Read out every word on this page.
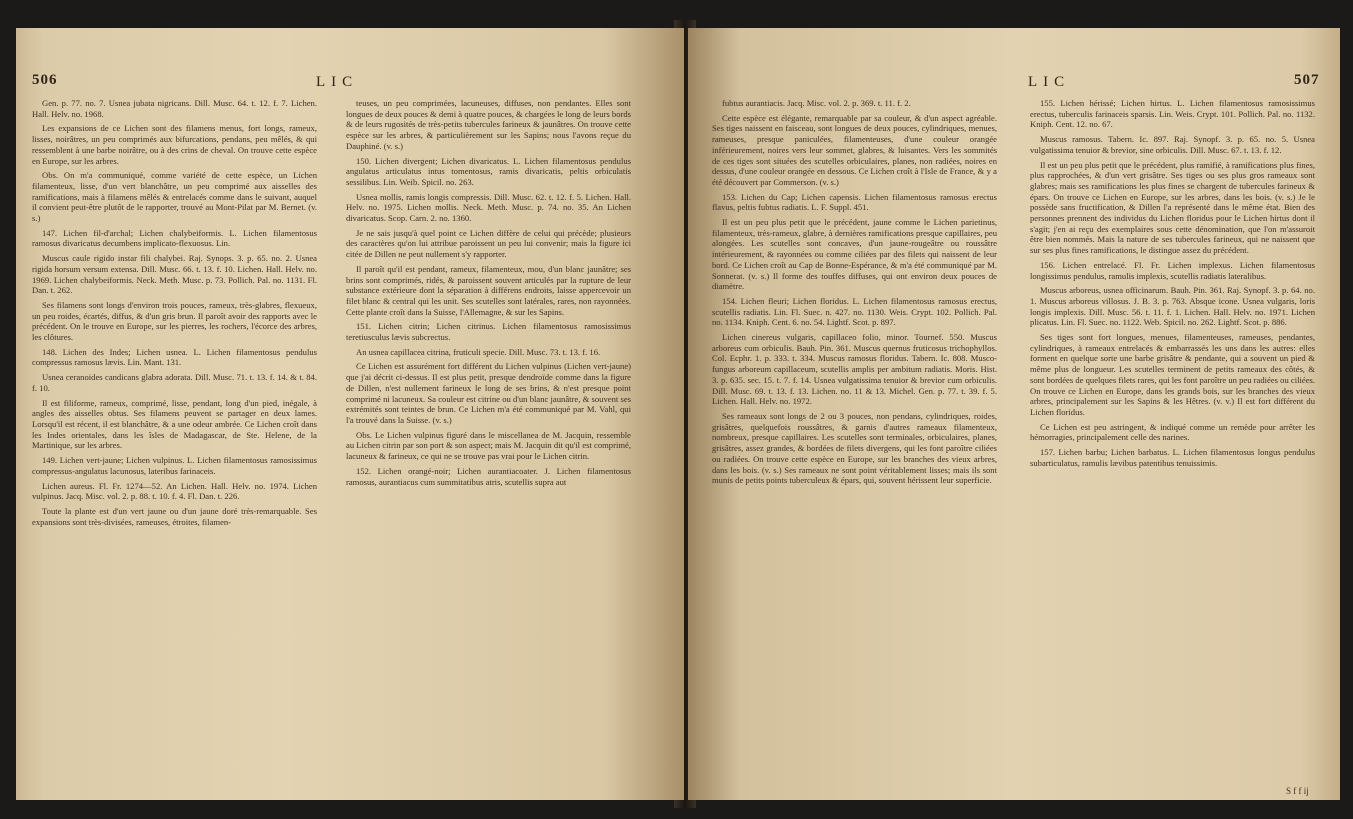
506	LIC

Gen. p. 77. no. 7. Usnea jubata nigricans. Dill. Musc. 64. t. 12. f. 7. Lichen. Hall. Helv. no. 1968.

Les expansions de ce Lichen sont des filamens menus, fort longs, rameux, lisses, noirâtres, un peu comprimés aux bifurcations, pendans, peu mêlés, & qui ressemblent à une barbe noirâtre, ou à des crins de cheval. On trouve cette espèce en Europe, sur les arbres.

Obs. On m'a communiqué, comme variété de cette espèce, un Lichen filamenteux, lisse, d'un vert blanchâtre, un peu comprimé aux aisselles des ramifications, mais à filamens mêlés & entrelacés comme dans le suivant, auquel il convient peut-être plutôt de le rapporter, trouvé au Mont-Pilat par M. Bernet. (v. s.)

147. Lichen fil-d'archal; Lichen chalybeiformis. L. Lichen filamentosus ramosus divaricatus decumbens implicato-flexuosus. Lin.

Muscus caule rigido instar fili chalybei. Raj. Synops. 3. p. 65. no. 2. Usnea rigida horsum versum extensa. Dill. Musc. 66. t. 13. f. 10. Lichen. Hall. Helv. no. 1969. Lichen chalybeiformis. Neck. Meth. Musc. p. 73. Pollich. Pal. no. 1131. Fl. Dan. t. 262.

Ses filamens sont longs d'environ trois pouces, rameux, très-glabres, flexueux, un peu roides, écartés, diffus, & d'un gris brun. Il paroît avoir des rapports avec le précédent. On le trouve en Europe, sur les pierres, les rochers, l'écorce des arbres, les clôtures.

148. Lichen des Indes; Lichen usnea. L. Lichen filamentosus pendulus compressus ramosus lævis. Lin. Mant. 131.

Usnea ceranoides candicans glabra adorata. Dill. Musc. 71. t. 13. f. 14. & t. 84. f. 10.

Il est filiforme, rameux, comprimé, lisse, pendant, long d'un pied, inégale, à angles des aisselles obtus. Ses filamens peuvent se partager en deux lames. Lorsqu'il est récent, il est blanchâtre, & a une odeur ambrée. Ce Lichen croît dans les Indes orientales, dans les îsles de Madagascar, de Ste. Helene, de la Martinique, sur les arbres.

149. Lichen vert-jaune; Lichen vulpinus. L. Lichen filamentosus ramosissimus compressus-angulatus lacunosus, lateribus farinaceis.

Lichen aureus. Fl. Fr. 1274—52. An Lichen. Hall. Helv. no. 1974. Lichen vulpinus. Jacq. Misc. vol. 2. p. 88. t. 10. f. 4. Fl. Dan. t. 226.

Toute la plante est d'un vert jaune ou d'un jaune doré très-remarquable. Ses expansions sont très-divisées, rameuses, étroites, filamen-

teuses, un peu comprimées, lacuneuses, diffuses, non pendantes. Elles sont longues de deux pouces & demi à quatre pouces, & chargées le long de leurs bords & de leurs rugosités de très-petits tubercules farineux & jaunâtres. On trouve cette espèce sur les arbres, & particulièrement sur les Sapins; nous l'avons reçue du Dauphiné. (v. s.)

150. Lichen divergent; Lichen divaricatus. L. Lichen filamentosus pendulus angulatus articulatus intus tomentosus, ramis divaricatis, peltis orbiculatis sessilibus. Lin. Weib. Spicil. no. 263.

Usnea mollis, ramis longis compressis. Dill. Musc. 62. t. 12. f. 5. Lichen. Hall. Helv. no. 1975. Lichen mollis. Neck. Meth. Musc. p. 74. no. 35. An Lichen divaricatus. Scop. Carn. 2. no. 1360.

Je ne sais jusqu'à quel point ce Lichen diffère de celui qui précède; plusieurs des caractères qu'on lui attribue paroissent un peu lui convenir; mais la figure ici citée de Dillen ne peut nullement s'y rapporter.

Il paroît qu'il est pendant, rameux, filamenteux, mou, d'un blanc jaunâtre; ses brins sont comprimés, ridés, & paroissent souvent articulés par la rupture de leur substance extérieure dont la séparation à différens endroits, laisse appercevoir un filet blanc & central qui les unit. Ses scutelles sont latérales, rares, non rayonnées. Cette plante croît dans la Suisse, l'Allemagne, & sur les Sapins.

151. Lichen citrin; Lichen citrinus. Lichen filamentosus ramosissimus teretiusculus lævis subcrectus.

An usnea capillacea citrina, fruticuli specie. Dill. Musc. 73. t. 13. f. 16.

Ce Lichen est assurément fort différent du Lichen vulpinus (Lichen vert-jaune) que j'ai décrit ci-dessus. Il est plus petit, presque dendroïde comme dans la figure de Dillen, n'est nullement farineux le long de ses brins, & n'est presque point comprimé ni lacuneux. Sa couleur est citrine ou d'un blanc jaunâtre, & souvent ses extrémités sont teintes de brun. Ce Lichen m'a été communiqué par M. Vahl, qui l'a trouvé dans la Suisse. (v. s.)

Obs. Le Lichen vulpinus figuré dans le miscellanea de M. Jacquin, ressemble au Lichen citrin par son port & son aspect; mais M. Jacquin dit qu'il est comprimé, lacuneux & farineux, ce qui ne se trouve pas vrai pour le Lichen citrin.

152. Lichen orangé-noir; Lichen aurantiacoater. J. Lichen filamentosus ramosus, aurantiacus cum summitatibus atris, scutellis supra aut

LIC	507

fubtus aurantiacis. Jacq. Misc. vol. 2. p. 369. t. 11. f. 2.

Cette espèce est élégante, remarquable par sa couleur, & d'un aspect agréable. Ses tiges naissent en faisceau, sont longues de deux pouces, cylindriques, menues, rameuses, presque paniculées, filamenteuses, d'une couleur orangée inférieurement, noires vers leur sommet, glabres, & luisantes. Vers les sommités de ces tiges sont situées des scutelles orbiculaires, planes, non radiées, noires en dessus, d'une couleur orangée en dessous. Ce Lichen croît à l'Isle de France, & y a été découvert par Commerson. (v. s.)

153. Lichen du Cap; Lichen capensis. Lichen filamentosus ramosus erectus flavus, peltis fubtus radiatis. L. F. Suppl. 451.

Il est un peu plus petit que le précédent, jaune comme le Lichen parietinus, filamenteux, très-rameux, glabre, à dernières ramifications presque capillaires, peu alongées. Les scutelles sont concaves, d'un jaune-rougeâtre ou roussâtre intérieurement, & rayonnées ou comme ciliées par des filets qui naissent de leur bord. Ce Lichen croît au Cap de Bonne-Espérance, & m'a été communiqué par M. Sonnerat. (v. s.) Il forme des touffes diffuses, qui ont environ deux pouces de diamètre.

154. Lichen fleuri; Lichen floridus. L. Lichen filamentosus ramosus erectus, scutellis radiatis. Lin. Fl. Suec. n. 427. no. 1130. Weis. Crypt. 102. Pollich. Pal. no. 1134. Kniph. Cent. 6. no. 54. Lightf. Scot. p. 897.

Lichen cinereus vulgaris, capillaceo folio, minor. Tournef. 550. Muscus arboreus cum orbiculis. Bauh. Pin. 361. Muscus quernus fruticosus trichophyllos. Col. Ecphr. 1. p. 333. t. 334. Muscus ramosus floridus. Tabern. Ic. 808. Musco-fungus arboreum capillaceum, scutellis amplis per ambitum radiatis. Moris. Hist. 3. p. 635. sec. 15. t. 7. f. 14. Usnea vulgatissima tenuior & brevior cum orbiculis. Dill. Musc. 69. t. 13. f. 13. Lichen. no. 11 & 13. Michel. Gen. p. 77. t. 39. f. 5. Lichen. Hall. Helv. no. 1972.

Ses rameaux sont longs de 2 ou 3 pouces, non pendans, cylindriques, roides, grisâtres, quelquefois roussâtres, & garnis d'autres rameaux filamenteux, nombreux, presque capillaires. Les scutelles sont terminales, orbiculaires, planes, grisâtres, assez grandes, & bordées de filets divergens, qui les font paroître ciliées ou radiées. On trouve cette espèce en Europe, sur les branches des vieux arbres, dans les bois. (v. s.) Ses rameaux ne sont point véritablement lisses; mais ils sont munis de petits points tuberculeux & épars, qui, souvent hérissent leur superficie.

155. Lichen hérissé; Lichen hirtus. L. Lichen filamentosus ramosissimus erectus, tuberculis farinaceis sparsis. Lin. Weis. Crypt. 101. Pollich. Pal. no. 1132. Kniph. Cent. 12. no. 67.

Muscus ramosus. Tabern. Ic. 897. Raj. Synopf. 3. p. 65. no. 5. Usnea vulgatissima tenuior & brevior, sine orbiculis. Dill. Musc. 67. t. 13. f. 12.

Il est un peu plus petit que le précédent, plus ramifié, à ramifications plus fines, plus rapprochées, & d'un vert grisâtre. Ses tiges ou ses plus gros rameaux sont glabres; mais ses ramifications les plus fines se chargent de tubercules farineux & épars. On trouve ce Lichen en Europe, sur les arbres, dans les bois. (v. s.) Je le possède sans fructification, & Dillen l'a représenté dans le même état. Bien des personnes prennent des individus du Lichen floridus pour le Lichen hirtus dont il s'agit; j'en ai reçu des exemplaires sous cette dénomination, que l'on m'assuroit être bien nommés. Mais la nature de ses tubercules farineux, qui ne naissent que sur ses plus fines ramifications, le distingue assez du précédent.

156. Lichen entrelacé. Fl. Fr. Lichen implexus. Lichen filamentosus longissimus pendulus, ramulis implexis, scutellis radiatis lateralibus.

Muscus arboreus, usnea officinarum. Bauh. Pin. 361. Raj. Synopf. 3. p. 64. no. 1. Muscus arboreus villosus. J. B. 3. p. 763. Absque icone. Usnea vulgaris, loris longis implexis. Dill. Musc. 56. t. 11. f. 1. Lichen. Hall. Helv. no. 1971. Lichen plicatus. Lin. Fl. Suec. no. 1122. Web. Spicil. no. 262. Lightf. Scot. p. 886.

Ses tiges sont fort longues, menues, filamenteuses, rameuses, pendantes, cylindriques, à rameaux entrelacés & embarrassés les uns dans les autres: elles forment en quelque sorte une barbe grisâtre & pendante, qui a souvent un pied & même plus de longueur. Les scutelles terminent de petits rameaux des côtés, & sont bordées de quelques filets rares, qui les font paroître un peu radiées ou ciliées. On trouve ce Lichen en Europe, dans les grands bois, sur les branches des vieux arbres, principalement sur les Sapins & les Hêtres. (v. v.) Il est fort différent du Lichen floridus.

Ce Lichen est peu astringent, & indiqué comme un remède pour arrêter les hémorragies, principalement celle des narines.

157. Lichen barbu; Lichen barbatus. L. Lichen filamentosus longus pendulus subarticulatus, ramulis lævibus patentibus tenuissimis.

S f f ij
